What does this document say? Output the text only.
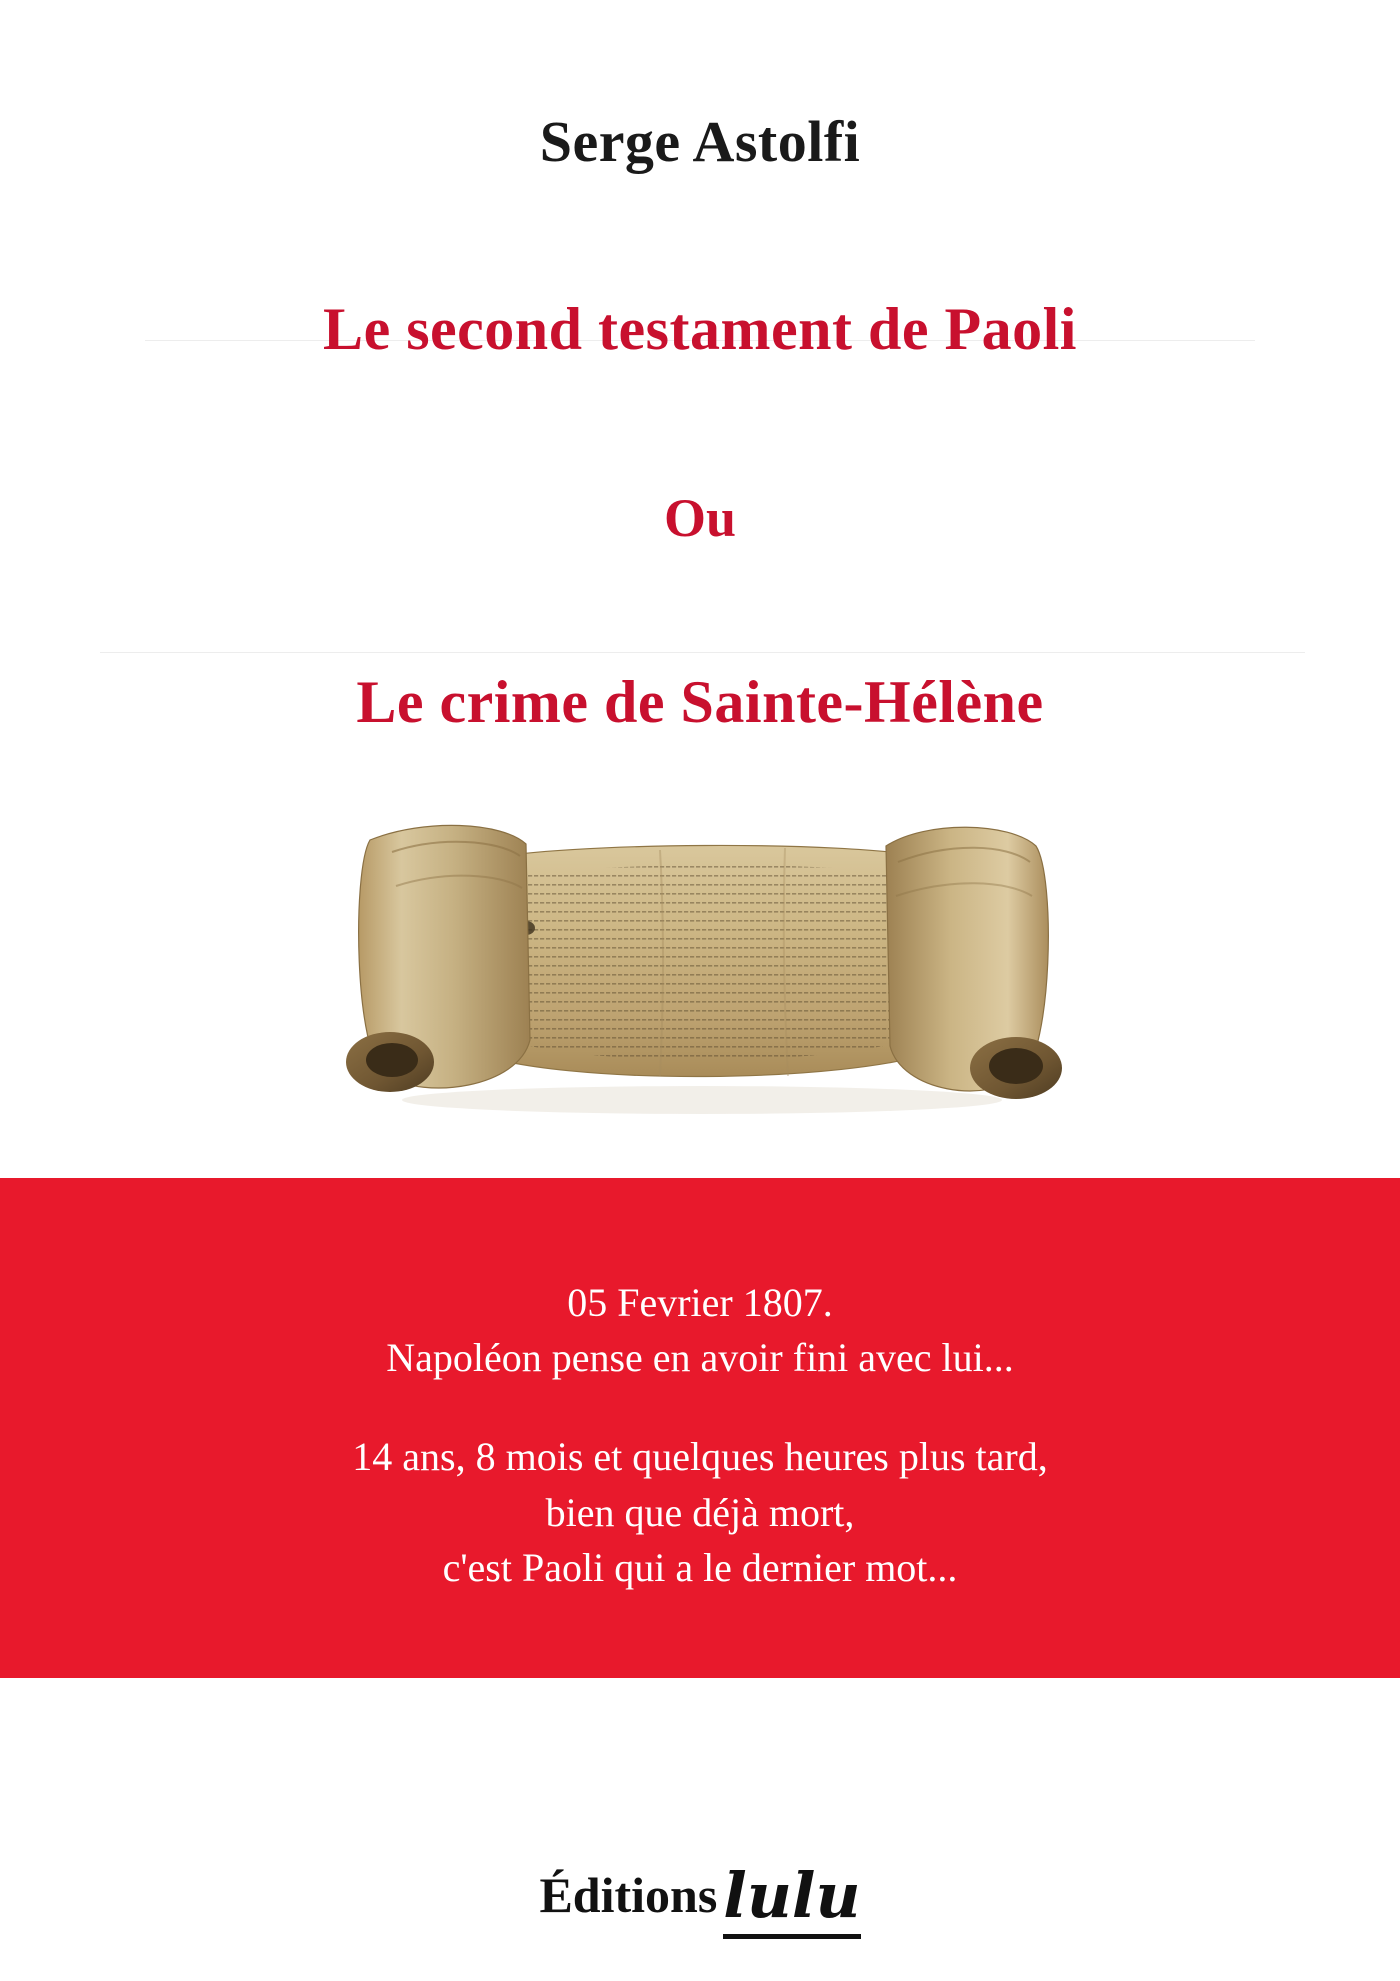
Serge Astolfi
Le second testament de Paoli
Ou
Le crime de Sainte-Hélène

05 Fevrier 1807.

Napoléon pense en avoir fini avec lui...

14 ans, 8 mois et quelques heures plus tard,

bien que déjà mort,

c'est Paoli qui a le dernier mot...

Éditionslulu
